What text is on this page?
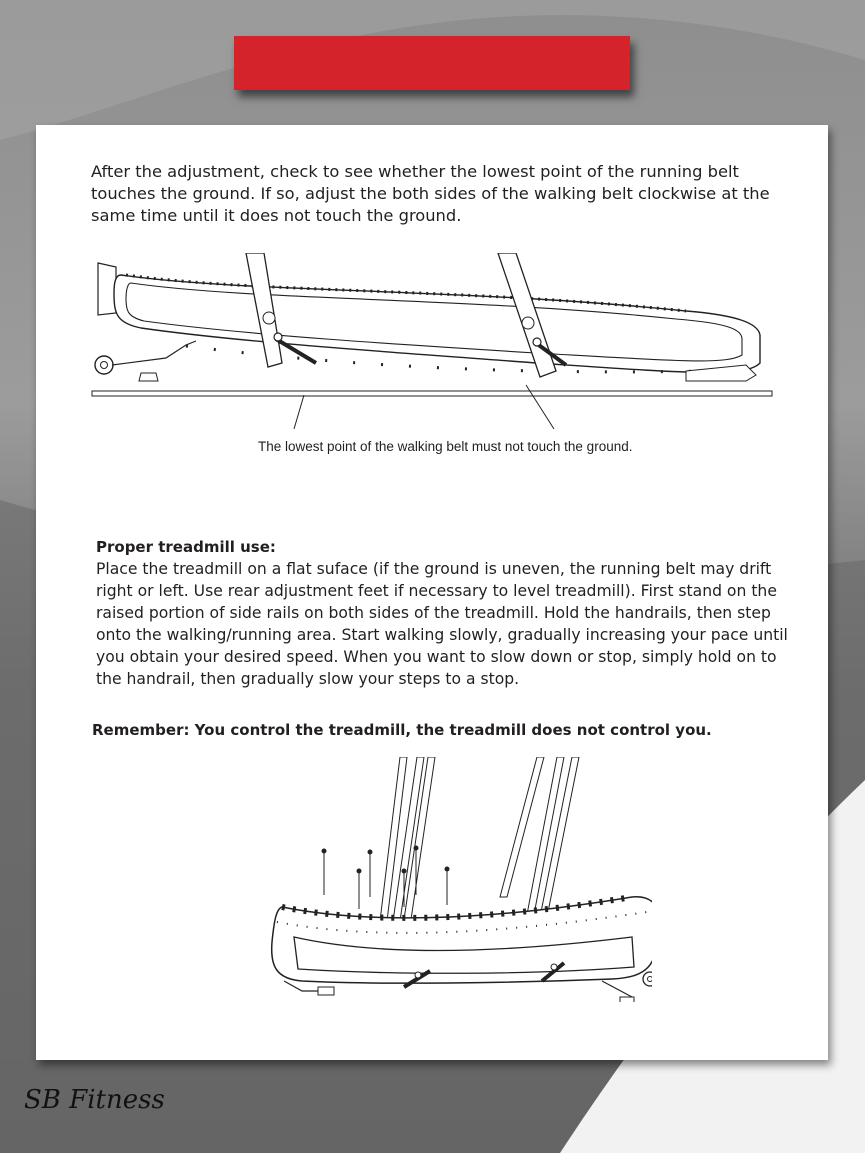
After the adjustment, check to see whether the lowest point of the running belt touches the ground. If so, adjust the both sides of the walking belt clockwise at the same time until it does not touch the ground.

The lowest point of the walking belt must not touch the ground.
Proper treadmill use:

Place the treadmill on a flat suface (if the ground is uneven, the running belt may drift right or left. Use rear adjustment feet if necessary to level treadmill). First stand on the raised portion of side rails on both sides of the treadmill. Hold the handrails, then step onto the walking/running area. Start walking slowly, gradually increasing your pace until you obtain your desired speed. When you want to slow down or stop, simply hold on to the handrail, then gradually slow your steps to a stop.

Remember: You control the treadmill, the treadmill does not control you.
SB Fitness
